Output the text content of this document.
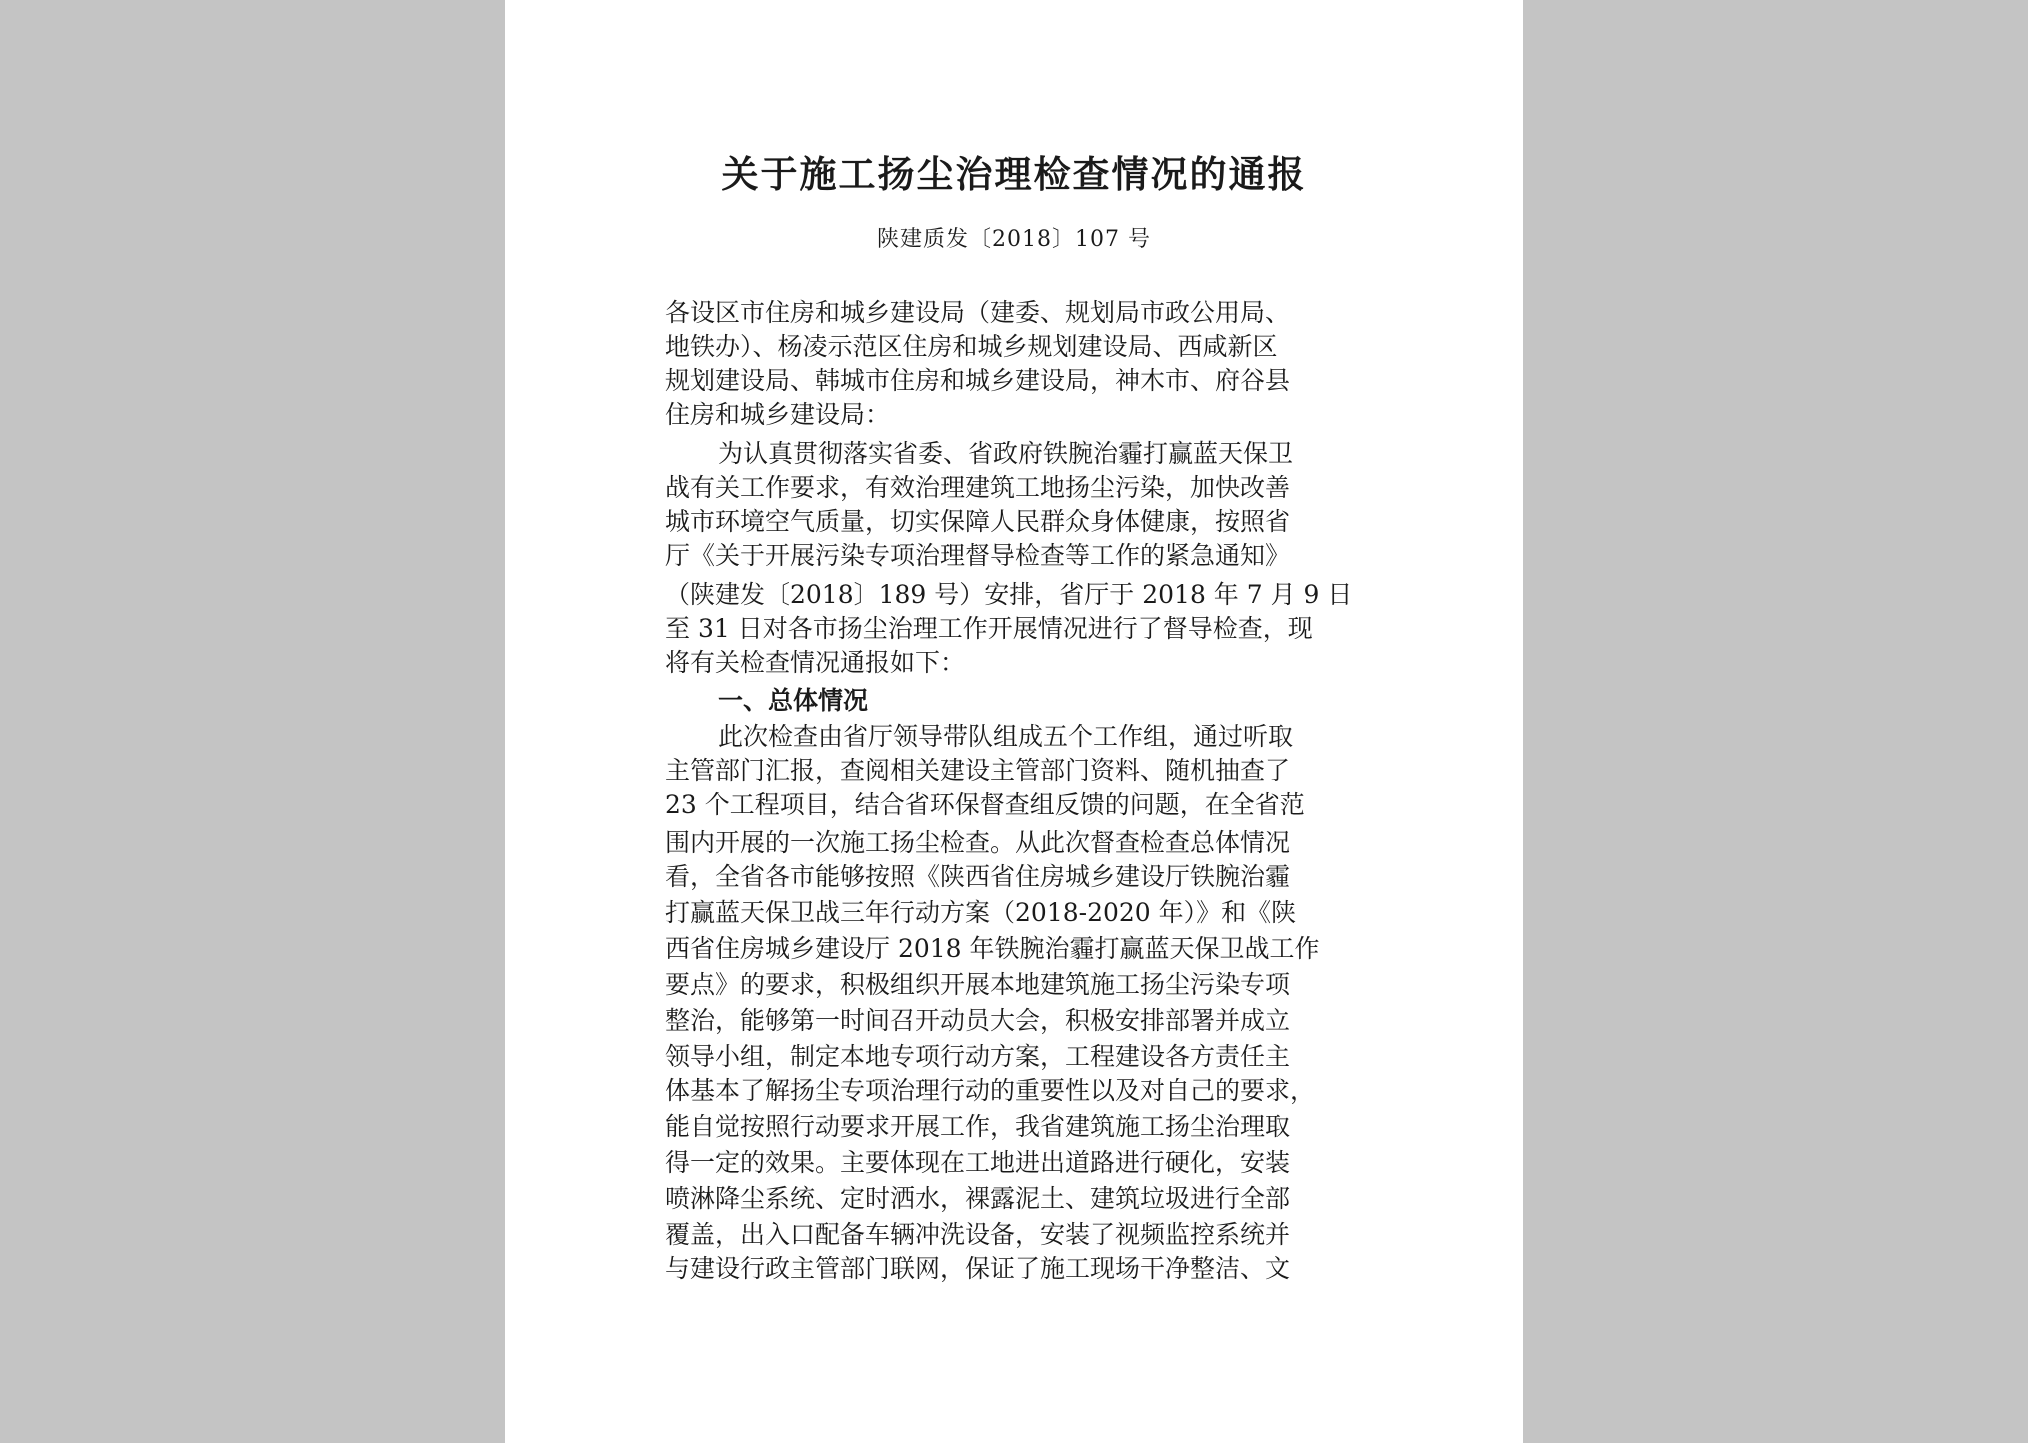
关于施工扬尘治理检查情况的通报
陕建质发〔2018〕107 号
各设区市住房和城乡建设局（建委、规划局市政公用局、
地铁办）、杨凌示范区住房和城乡规划建设局、西咸新区
规划建设局、韩城市住房和城乡建设局，神木市、府谷县
住房和城乡建设局：
为认真贯彻落实省委、省政府铁腕治霾打赢蓝天保卫
战有关工作要求，有效治理建筑工地扬尘污染，加快改善
城市环境空气质量，切实保障人民群众身体健康，按照省
厅《关于开展污染专项治理督导检查等工作的紧急通知》
（陕建发〔2018〕189 号）安排，省厅于 2018 年 7 月 9 日
至 31 日对各市扬尘治理工作开展情况进行了督导检查，现
将有关检查情况通报如下：
一、总体情况
此次检查由省厅领导带队组成五个工作组，通过听取
主管部门汇报，查阅相关建设主管部门资料、随机抽查了
23 个工程项目，结合省环保督查组反馈的问题，在全省范
围内开展的一次施工扬尘检查。从此次督查检查总体情况
看，全省各市能够按照《陕西省住房城乡建设厅铁腕治霾
打赢蓝天保卫战三年行动方案（2018-2020 年）》和《陕
西省住房城乡建设厅 2018 年铁腕治霾打赢蓝天保卫战工作
要点》的要求，积极组织开展本地建筑施工扬尘污染专项
整治，能够第一时间召开动员大会，积极安排部署并成立
领导小组，制定本地专项行动方案，工程建设各方责任主
体基本了解扬尘专项治理行动的重要性以及对自己的要求，
能自觉按照行动要求开展工作，我省建筑施工扬尘治理取
得一定的效果。主要体现在工地进出道路进行硬化，安装
喷淋降尘系统、定时洒水，裸露泥土、建筑垃圾进行全部
覆盖，出入口配备车辆冲洗设备，安装了视频监控系统并
与建设行政主管部门联网，保证了施工现场干净整洁、文
